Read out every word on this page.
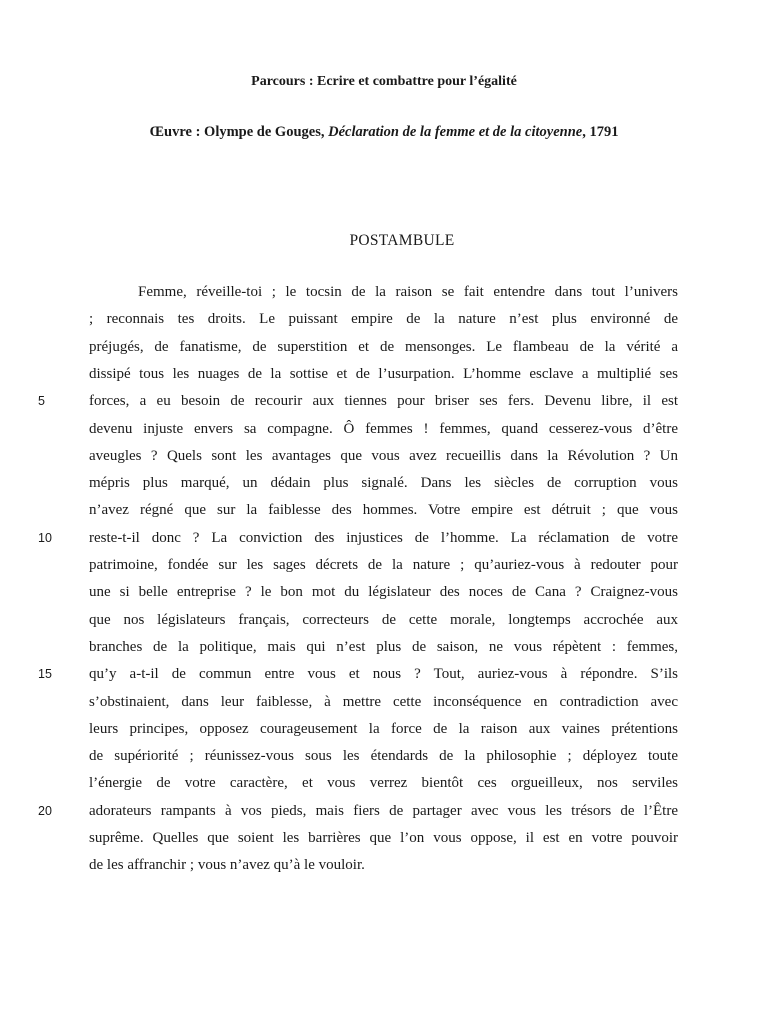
Parcours : Ecrire et combattre pour l’égalité
Œuvre : Olympe de Gouges, Déclaration de la femme et de la citoyenne, 1791
POSTAMBULE
Femme, réveille-toi ; le tocsin de la raison se fait entendre dans tout l’univers
; reconnais tes droits. Le puissant empire de la nature n’est plus environné de
préjugés, de fanatisme, de superstition et de mensonges. Le flambeau de la vérité a
dissipé tous les nuages de la sottise et de l’usurpation. L’homme esclave a multiplié ses
forces, a eu besoin de recourir aux tiennes pour briser ses fers. Devenu libre, il est
devenu injuste envers sa compagne. Ô femmes ! femmes, quand cesserez-vous d’être
aveugles ? Quels sont les avantages que vous avez recueillis dans la Révolution ? Un
mépris plus marqué, un dédain plus signalé. Dans les siècles de corruption vous
n’avez régné que sur la faiblesse des hommes. Votre empire est détruit ; que vous
reste-t-il donc ? La conviction des injustices de l’homme. La réclamation de votre
patrimoine, fondée sur les sages décrets de la nature ; qu’auriez-vous à redouter pour
une si belle entreprise ? le bon mot du législateur des noces de Cana ? Craignez-vous
que nos législateurs français, correcteurs de cette morale, longtemps accrochée aux
branches de la politique, mais qui n’est plus de saison, ne vous répètent : femmes,
qu’y a-t-il de commun entre vous et nous ? Tout, auriez-vous à répondre. S’ils
s’obstinaient, dans leur faiblesse, à mettre cette inconséquence en contradiction avec
leurs principes, opposez courageusement la force de la raison aux vaines prétentions
de supériorité ; réunissez-vous sous les étendards de la philosophie ; déployez toute
l’énergie de votre caractère, et vous verrez bientôt ces orgueilleux, nos serviles
adorateurs rampants à vos pieds, mais fiers de partager avec vous les trésors de l’Être
suprême. Quelles que soient les barrières que l’on vous oppose, il est en votre pouvoir
de les affranchir ; vous n’avez qu’à le vouloir.
5
10
15
20
